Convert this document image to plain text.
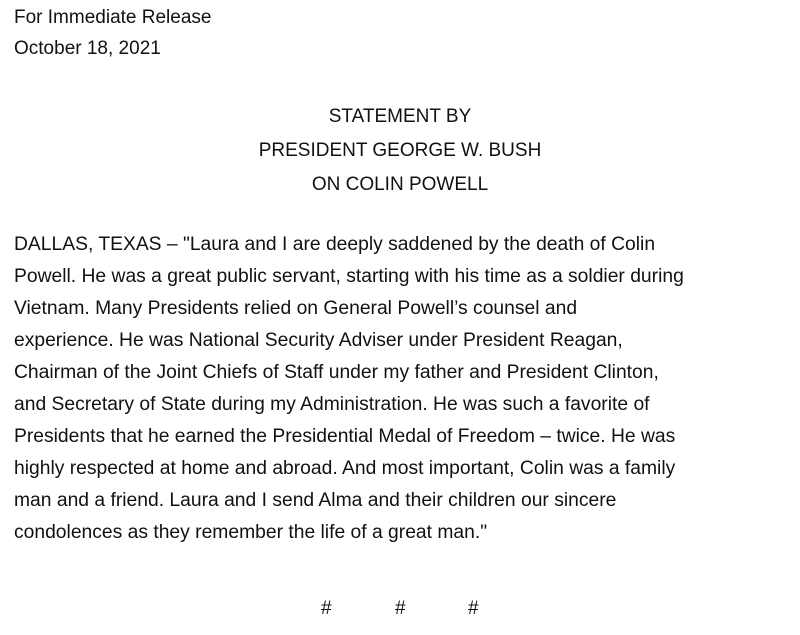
For Immediate Release
October 18, 2021
STATEMENT BY
PRESIDENT GEORGE W. BUSH
ON COLIN POWELL
DALLAS, TEXAS – "Laura and I are deeply saddened by the death of Colin
Powell. He was a great public servant, starting with his time as a soldier during
Vietnam. Many Presidents relied on General Powell’s counsel and
experience. He was National Security Adviser under President Reagan,
Chairman of the Joint Chiefs of Staff under my father and President Clinton,
and Secretary of State during my Administration. He was such a favorite of
Presidents that he earned the Presidential Medal of Freedom – twice. He was
highly respected at home and abroad. And most important, Colin was a family
man and a friend. Laura and I send Alma and their children our sincere
condolences as they remember the life of a great man."
#	#	#
